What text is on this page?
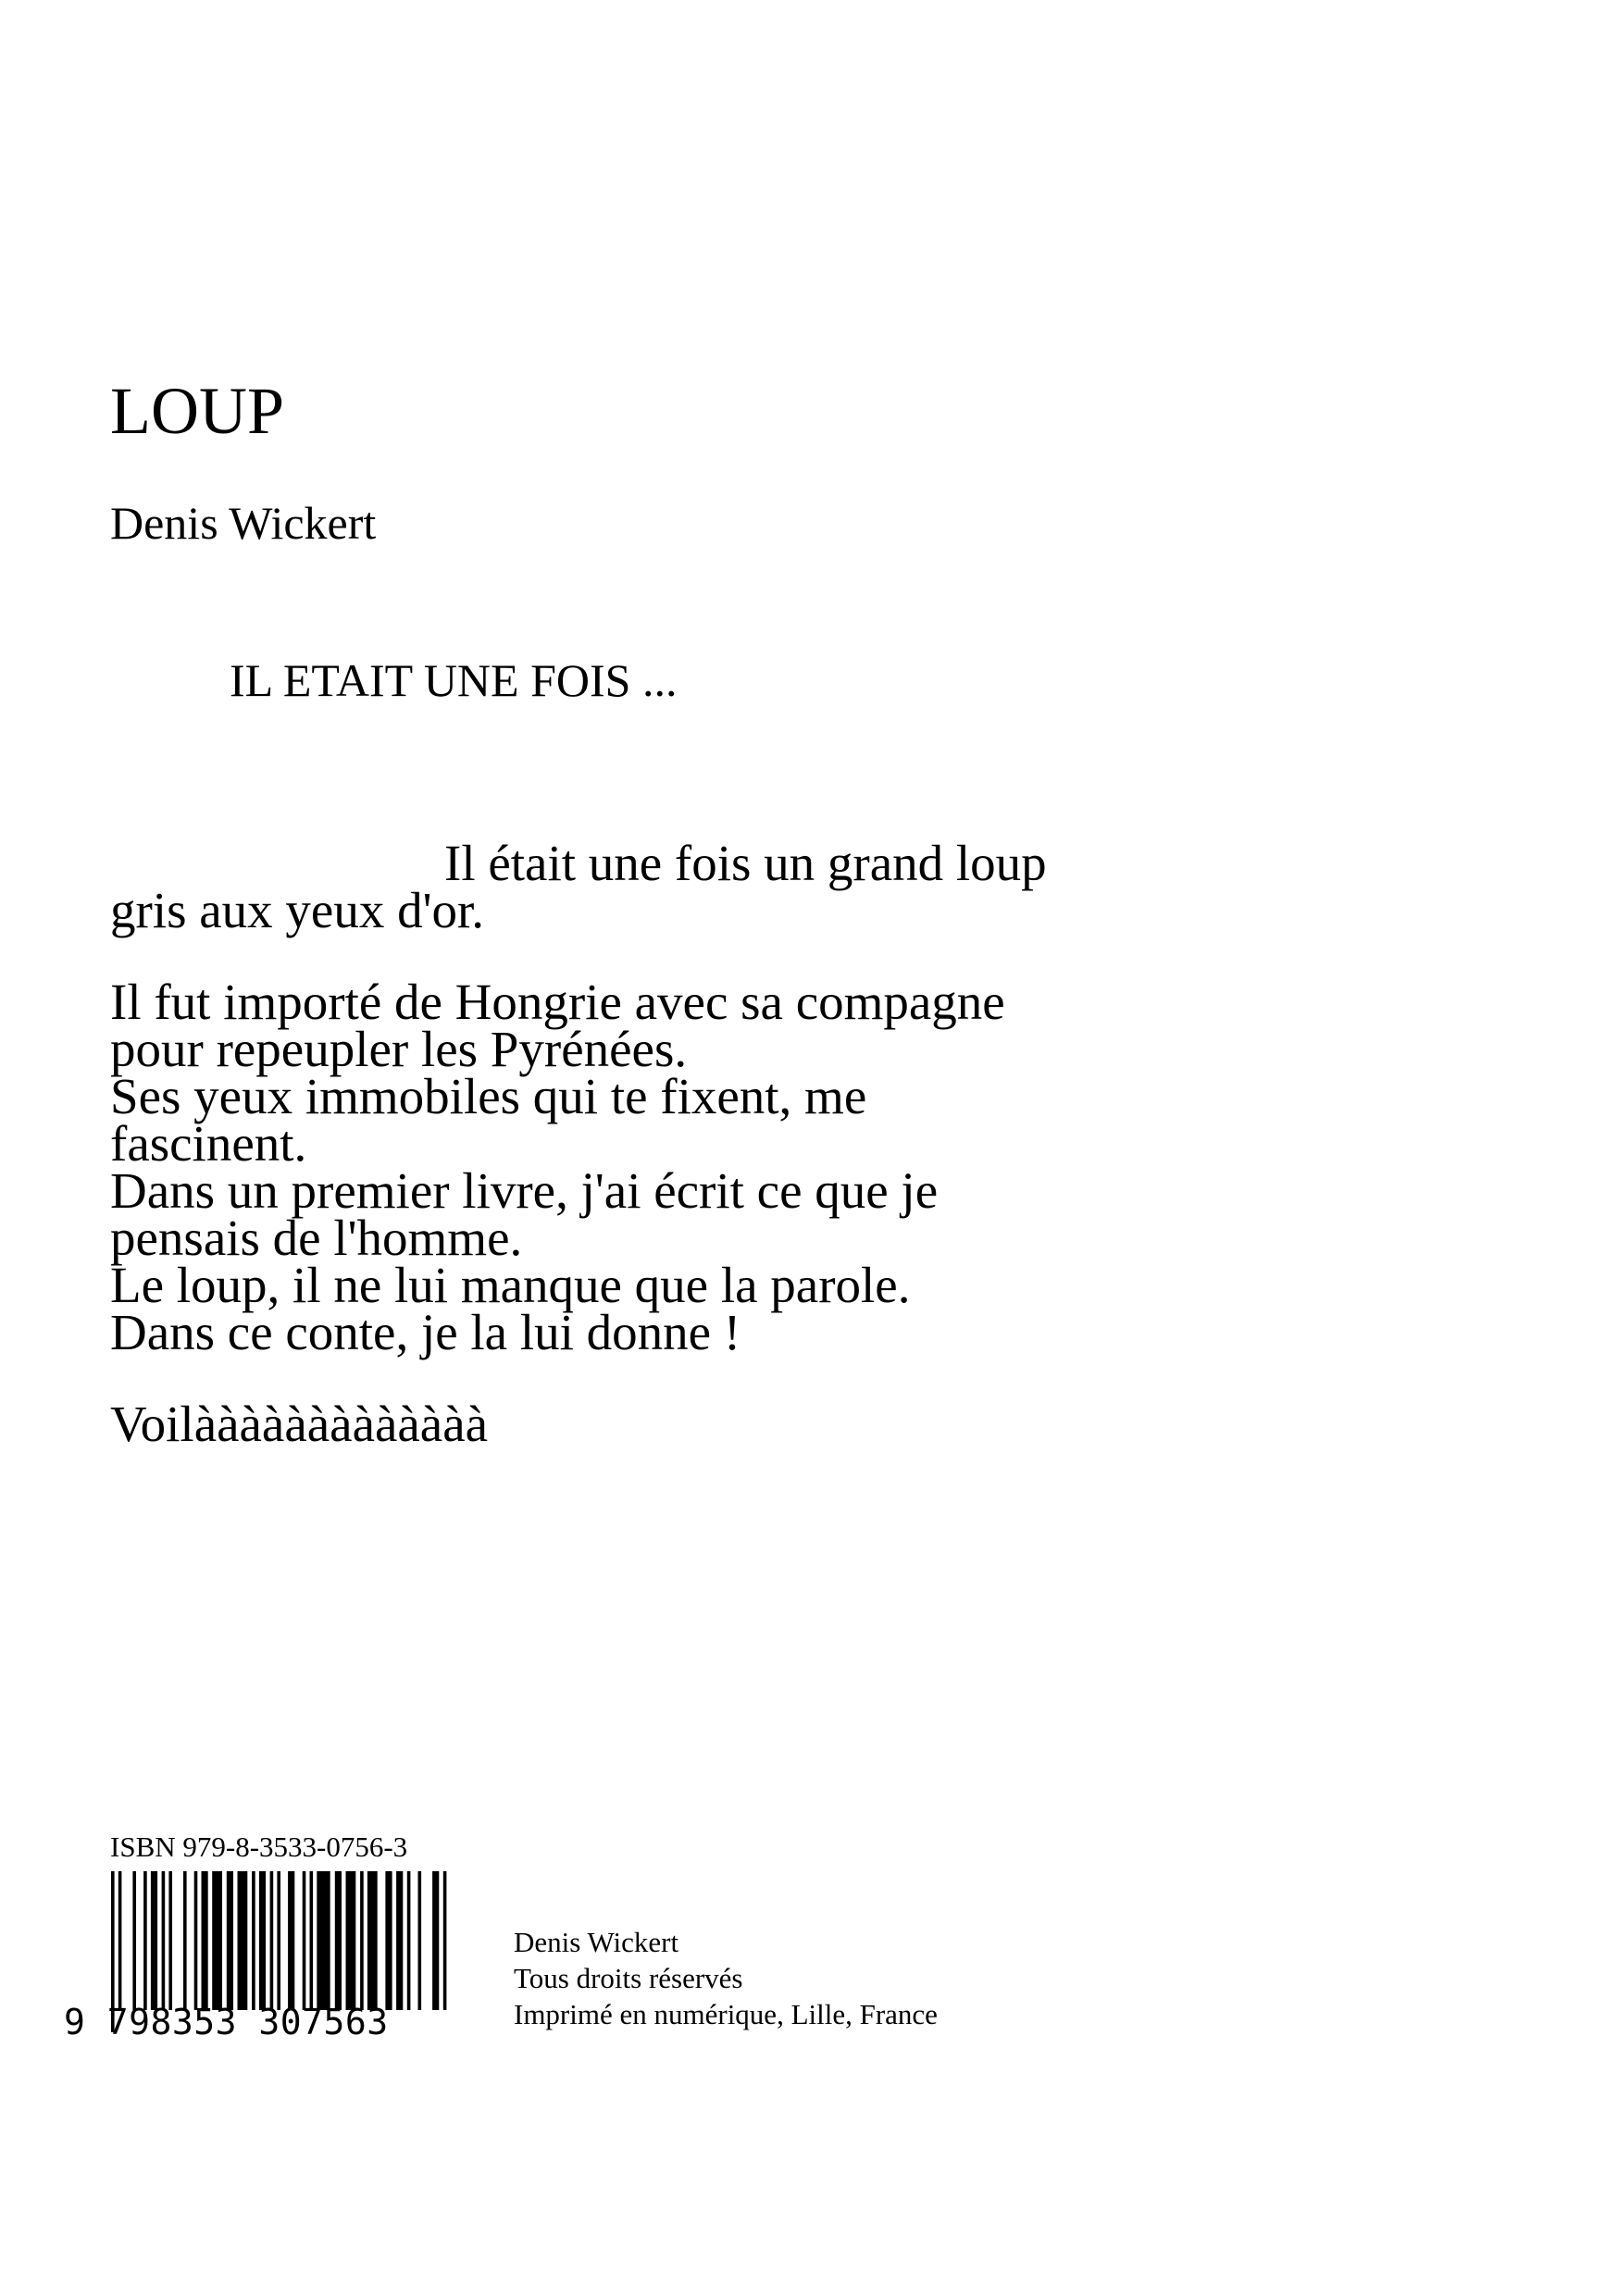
LOUP
Denis Wickert
IL ETAIT UNE FOIS ...
Il était une fois un grand loup
gris aux yeux d'or.
Il fut importé de Hongrie avec sa compagne
pour repeupler les Pyrénées.
Ses yeux immobiles qui te fixent, me
fascinent.
Dans un premier livre, j'ai écrit ce que je
pensais de l'homme.
Le loup, il ne lui manque que la parole.
Dans ce conte, je la lui donne !
Voilààààààààààààà
ISBN 979-8-3533-0756-3
9 798353 307563
Denis Wickert
Tous droits réservés
Imprimé en numérique, Lille, France
